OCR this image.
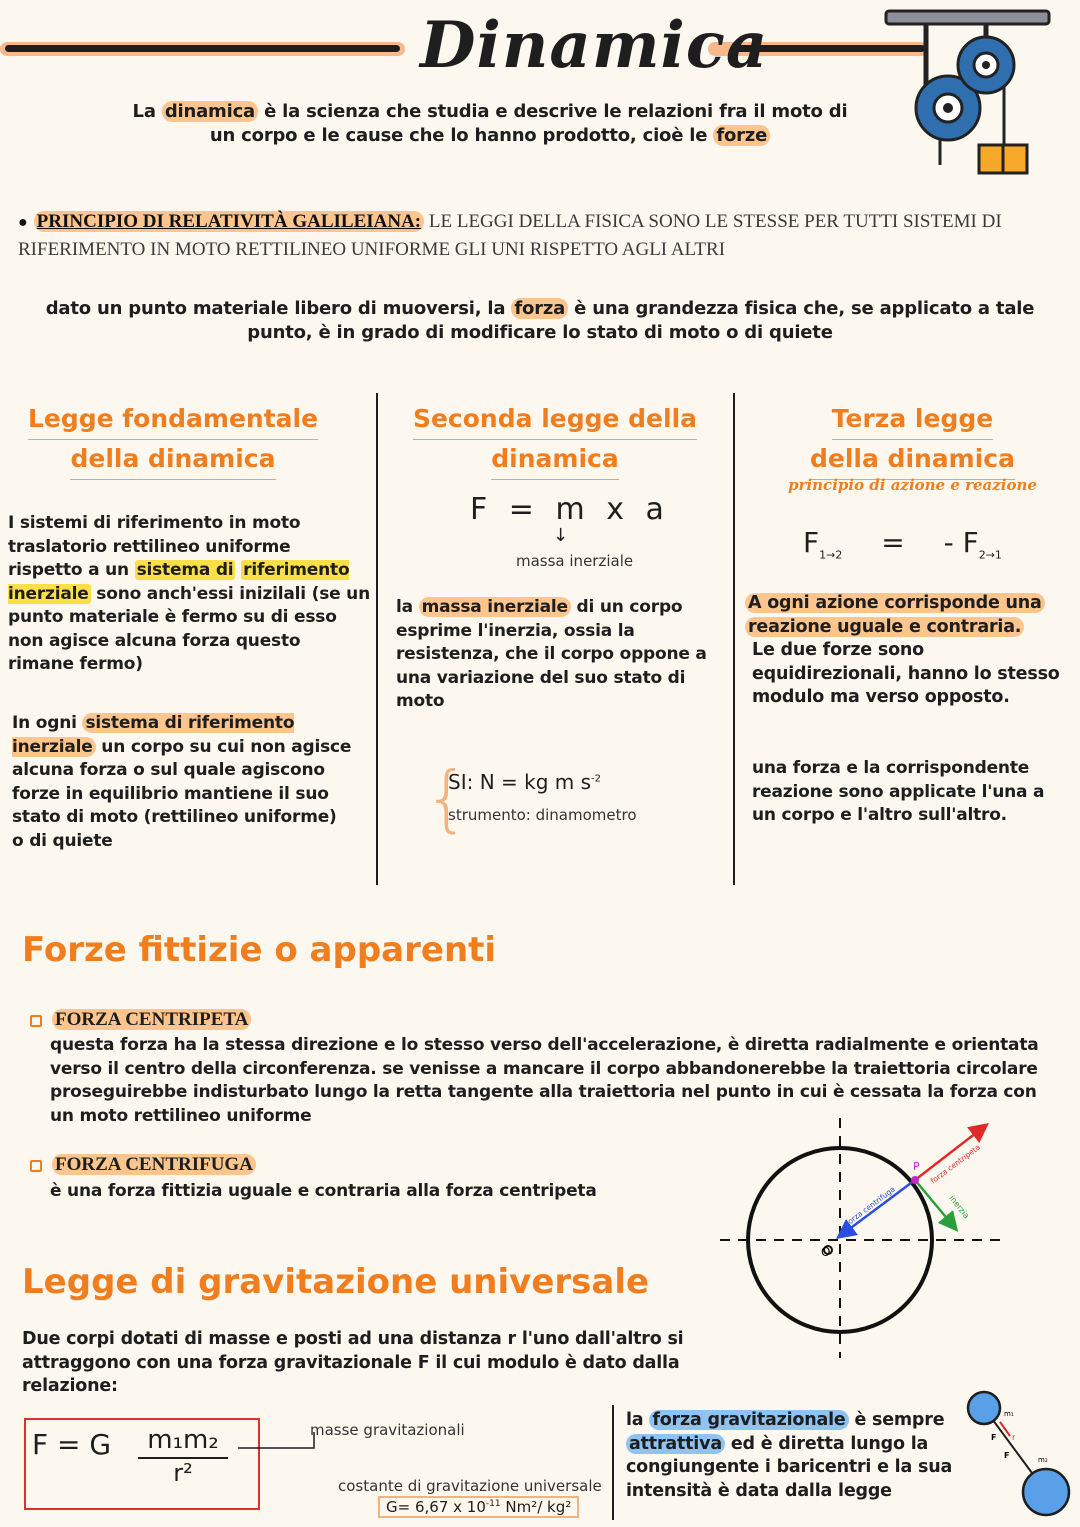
Dinamica
La dinamica è la scienza che studia e descrive le relazioni fra il moto di un corpo e le cause che lo hanno prodotto, cioè le forze
● PRINCIPIO DI RELATIVITÀ GALILEIANA: LE LEGGI DELLA FISICA SONO LE STESSE PER TUTTI SISTEMI DI RIFERIMENTO IN MOTO RETTILINEO UNIFORME GLI UNI RISPETTO AGLI ALTRI
dato un punto materiale libero di muoversi, la forza è una grandezza fisica che, se applicato a tale punto, è in grado di modificare lo stato di moto o di quiete
Legge fondamentale
della dinamica
I sistemi di riferimento in moto traslatorio rettilineo uniforme rispetto a un sistema di riferimento inerziale sono anch'essi inizilali (se un punto materiale è fermo su di esso non agisce alcuna forza questo rimane fermo)
In ogni sistema di riferimento inerziale un corpo su cui non agisce alcuna forza o sul quale agiscono forze in equilibrio mantiene il suo stato di moto (rettilineo uniforme) o di quiete
Seconda legge della
dinamica
F = m x a
↓
massa inerziale
la massa inerziale di un corpo esprime l'inerzia, ossia la resistenza, che il corpo oppone a una variazione del suo stato di moto
{
SI: N = kg m $s^{-2}$
strumento: dinamometro
Terza legge
della dinamica
principio di azione e reazione
$F_{1\to 2}$ = - $F_{2\to 1}$
A ogni azione corrisponde una
reazione uguale e contraria.
Le due forze sono equidirezionali, hanno lo stesso modulo ma verso opposto.
una forza e la corrispondente reazione sono applicate l'una a un corpo e l'altro sull'altro.
Forze fittizie o apparenti
FORZA CENTRIPETA
questa forza ha la stessa direzione e lo stesso verso dell'accelerazione, è diretta radialmente e orientata verso il centro della circonferenza. se venisse a mancare il corpo abbandonerebbe la traiettoria circolare proseguirebbe indisturbato lungo la retta tangente alla traiettoria nel punto in cui è cessata la forza con un moto rettilineo uniforme
FORZA CENTRIFUGA
è una forza fittizia uguale e contraria alla forza centripeta
O
P
forza centrifuga
forza centripeta
inerzia
Legge di gravitazione universale
Due corpi dotati di masse e posti ad una distanza r l'uno dall'altro si attraggono con una forza gravitazionale F il cui modulo è dato dalla relazione:
F = G	m₁m₂
r²
masse gravitazionali
costante di gravitazione universale
G= 6,67 x $10^{-11}$ Nm²/ kg²
la forza gravitazionale è sempre attrattiva ed è diretta lungo la congiungente i baricentri e la sua intensità è data dalla legge
m₁
m₂
F
F
r
